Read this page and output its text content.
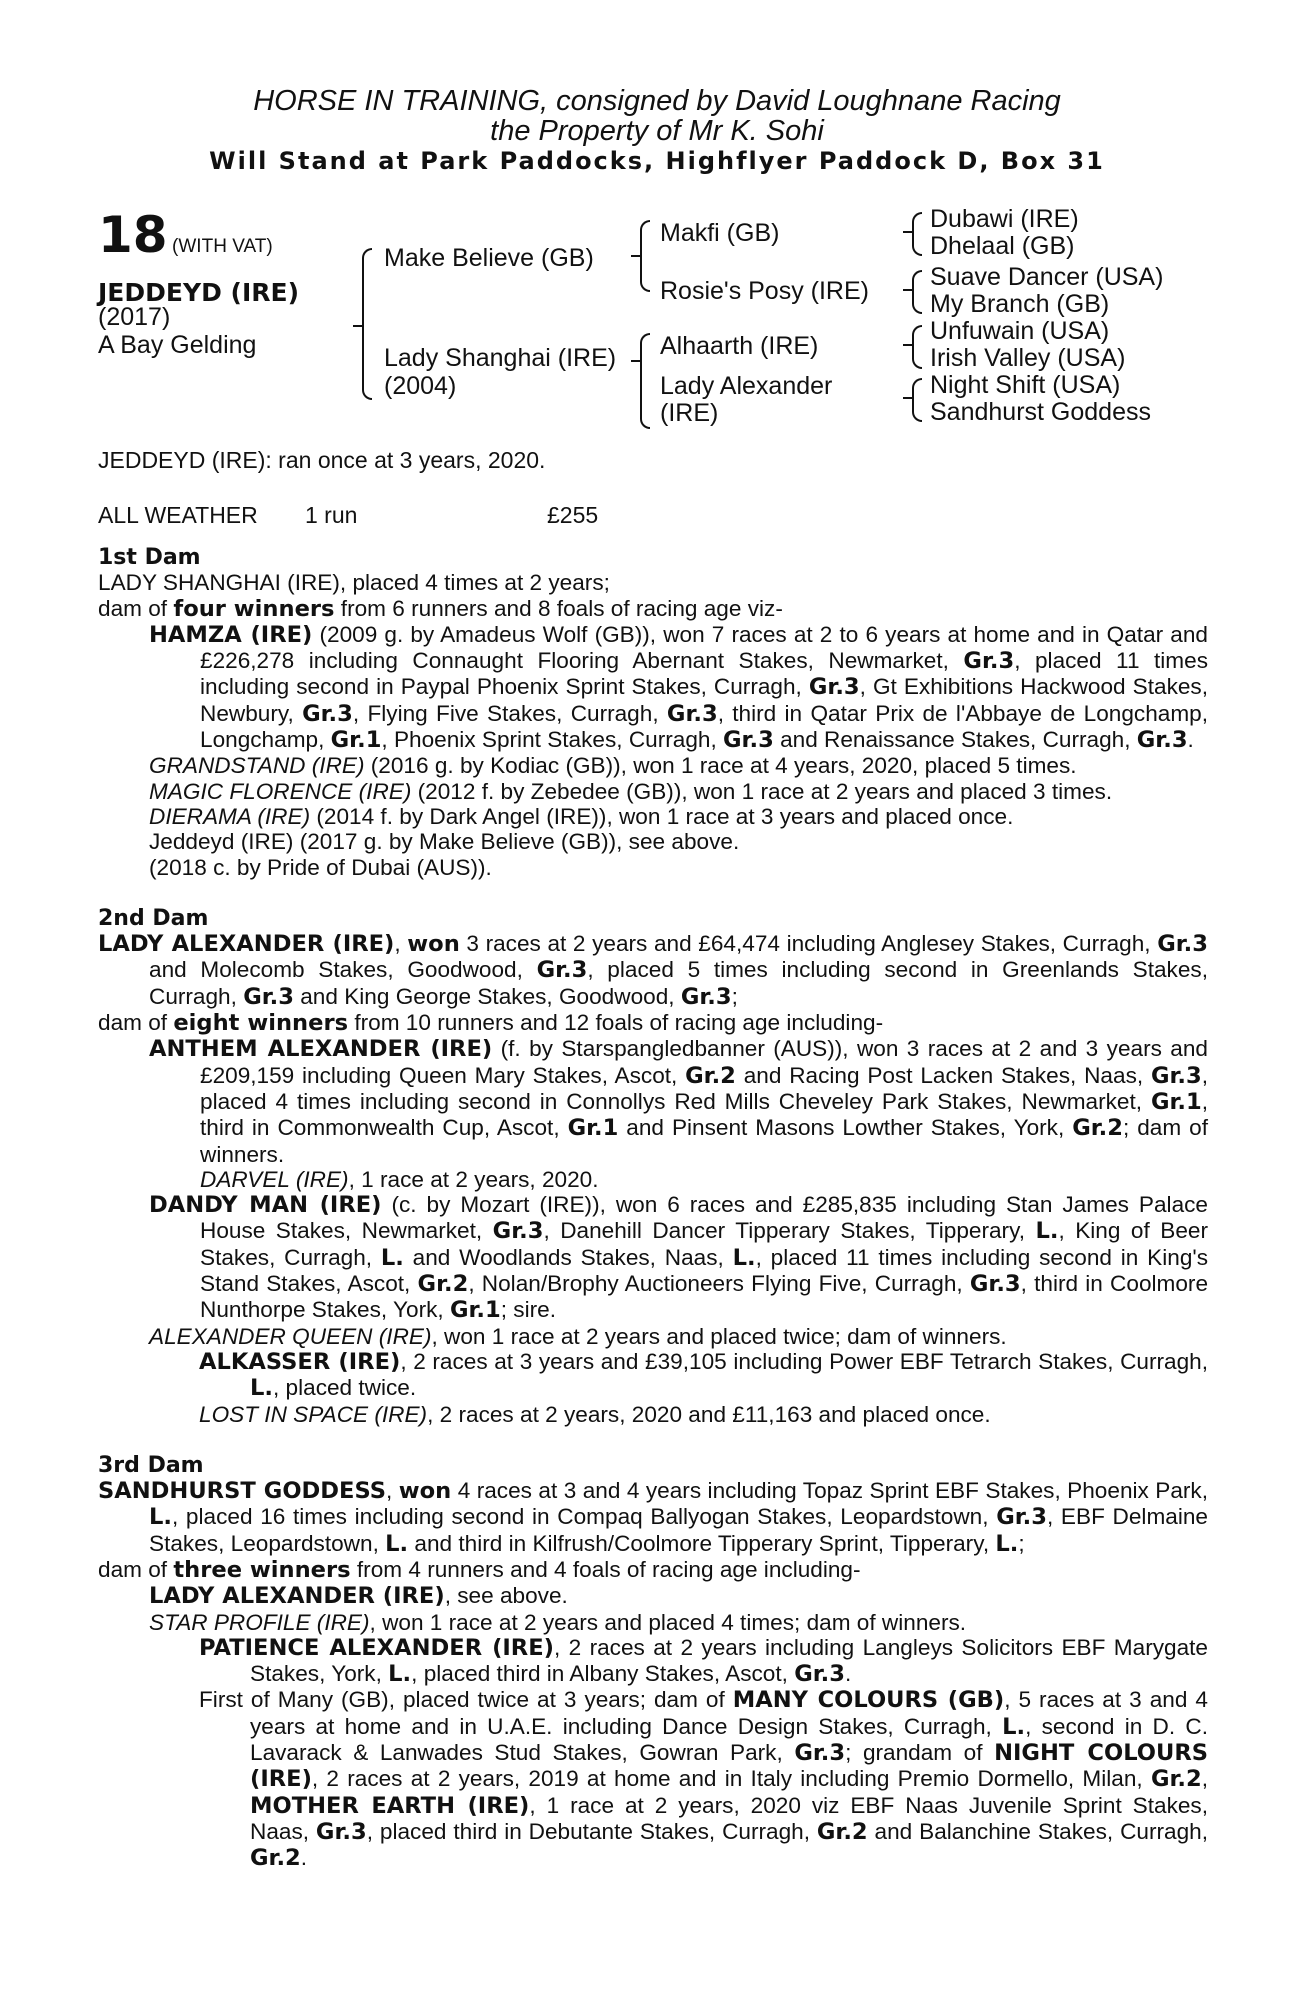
HORSE IN TRAINING, consigned by David Loughnane Racing
the Property of Mr K. Sohi
Will Stand at Park Paddocks, Highflyer Paddock D, Box 31
18 (WITH VAT)
JEDDEYD (IRE)
(2017)
A Bay Gelding
Make Believe (GB)
Lady Shanghai (IRE)
(2004)
Makfi (GB)
Rosie's Posy (IRE)
Alhaarth (IRE)
Lady Alexander
(IRE)
Dubawi (IRE)
Dhelaal (GB)
Suave Dancer (USA)
My Branch (GB)
Unfuwain (USA)
Irish Valley (USA)
Night Shift (USA)
Sandhurst Goddess
JEDDEYD (IRE): ran once at 3 years, 2020.
ALL WEATHER 1 run	£255

1st Dam

LADY SHANGHAI (IRE), placed 4 times at 2 years;

dam of four winners from 6 runners and 8 foals of racing age viz-

HAMZA (IRE) (2009 g. by Amadeus Wolf (GB)), won 7 races at 2 to 6 years at home and in Qatar and £226,278 including Connaught Flooring Abernant Stakes, Newmarket, Gr.3, placed 11 times including second in Paypal Phoenix Sprint Stakes, Curragh, Gr.3, Gt Exhibitions Hackwood Stakes, Newbury, Gr.3, Flying Five Stakes, Curragh, Gr.3, third in Qatar Prix de l'Abbaye de Longchamp, Longchamp, Gr.1, Phoenix Sprint Stakes, Curragh, Gr.3 and Renaissance Stakes, Curragh, Gr.3.

GRANDSTAND (IRE) (2016 g. by Kodiac (GB)), won 1 race at 4 years, 2020, placed 5 times.

MAGIC FLORENCE (IRE) (2012 f. by Zebedee (GB)), won 1 race at 2 years and placed 3 times.

DIERAMA (IRE) (2014 f. by Dark Angel (IRE)), won 1 race at 3 years and placed once.

Jeddeyd (IRE) (2017 g. by Make Believe (GB)), see above.

(2018 c. by Pride of Dubai (AUS)).

2nd Dam

LADY ALEXANDER (IRE), won 3 races at 2 years and £64,474 including Anglesey Stakes, Curragh, Gr.3 and Molecomb Stakes, Goodwood, Gr.3, placed 5 times including second in Greenlands Stakes, Curragh, Gr.3 and King George Stakes, Goodwood, Gr.3;

dam of eight winners from 10 runners and 12 foals of racing age including-

ANTHEM ALEXANDER (IRE) (f. by Starspangledbanner (AUS)), won 3 races at 2 and 3 years and £209,159 including Queen Mary Stakes, Ascot, Gr.2 and Racing Post Lacken Stakes, Naas, Gr.3, placed 4 times including second in Connollys Red Mills Cheveley Park Stakes, Newmarket, Gr.1, third in Commonwealth Cup, Ascot, Gr.1 and Pinsent Masons Lowther Stakes, York, Gr.2; dam of winners.

DARVEL (IRE), 1 race at 2 years, 2020.

DANDY MAN (IRE) (c. by Mozart (IRE)), won 6 races and £285,835 including Stan James Palace House Stakes, Newmarket, Gr.3, Danehill Dancer Tipperary Stakes, Tipperary, L., King of Beer Stakes, Curragh, L. and Woodlands Stakes, Naas, L., placed 11 times including second in King's Stand Stakes, Ascot, Gr.2, Nolan/Brophy Auctioneers Flying Five, Curragh, Gr.3, third in Coolmore Nunthorpe Stakes, York, Gr.1; sire.

ALEXANDER QUEEN (IRE), won 1 race at 2 years and placed twice; dam of winners.

ALKASSER (IRE), 2 races at 3 years and £39,105 including Power EBF Tetrarch Stakes, Curragh, L., placed twice.

LOST IN SPACE (IRE), 2 races at 2 years, 2020 and £11,163 and placed once.

3rd Dam

SANDHURST GODDESS, won 4 races at 3 and 4 years including Topaz Sprint EBF Stakes, Phoenix Park, L., placed 16 times including second in Compaq Ballyogan Stakes, Leopardstown, Gr.3, EBF Delmaine Stakes, Leopardstown, L. and third in Kilfrush/Coolmore Tipperary Sprint, Tipperary, L.;

dam of three winners from 4 runners and 4 foals of racing age including-

LADY ALEXANDER (IRE), see above.

STAR PROFILE (IRE), won 1 race at 2 years and placed 4 times; dam of winners.

PATIENCE ALEXANDER (IRE), 2 races at 2 years including Langleys Solicitors EBF Marygate Stakes, York, L., placed third in Albany Stakes, Ascot, Gr.3.

First of Many (GB), placed twice at 3 years; dam of MANY COLOURS (GB), 5 races at 3 and 4 years at home and in U.A.E. including Dance Design Stakes, Curragh, L., second in D. C. Lavarack & Lanwades Stud Stakes, Gowran Park, Gr.3; grandam of NIGHT COLOURS (IRE), 2 races at 2 years, 2019 at home and in Italy including Premio Dormello, Milan, Gr.2, MOTHER EARTH (IRE), 1 race at 2 years, 2020 viz EBF Naas Juvenile Sprint Stakes, Naas, Gr.3, placed third in Debutante Stakes, Curragh, Gr.2 and Balanchine Stakes, Curragh, Gr.2.
